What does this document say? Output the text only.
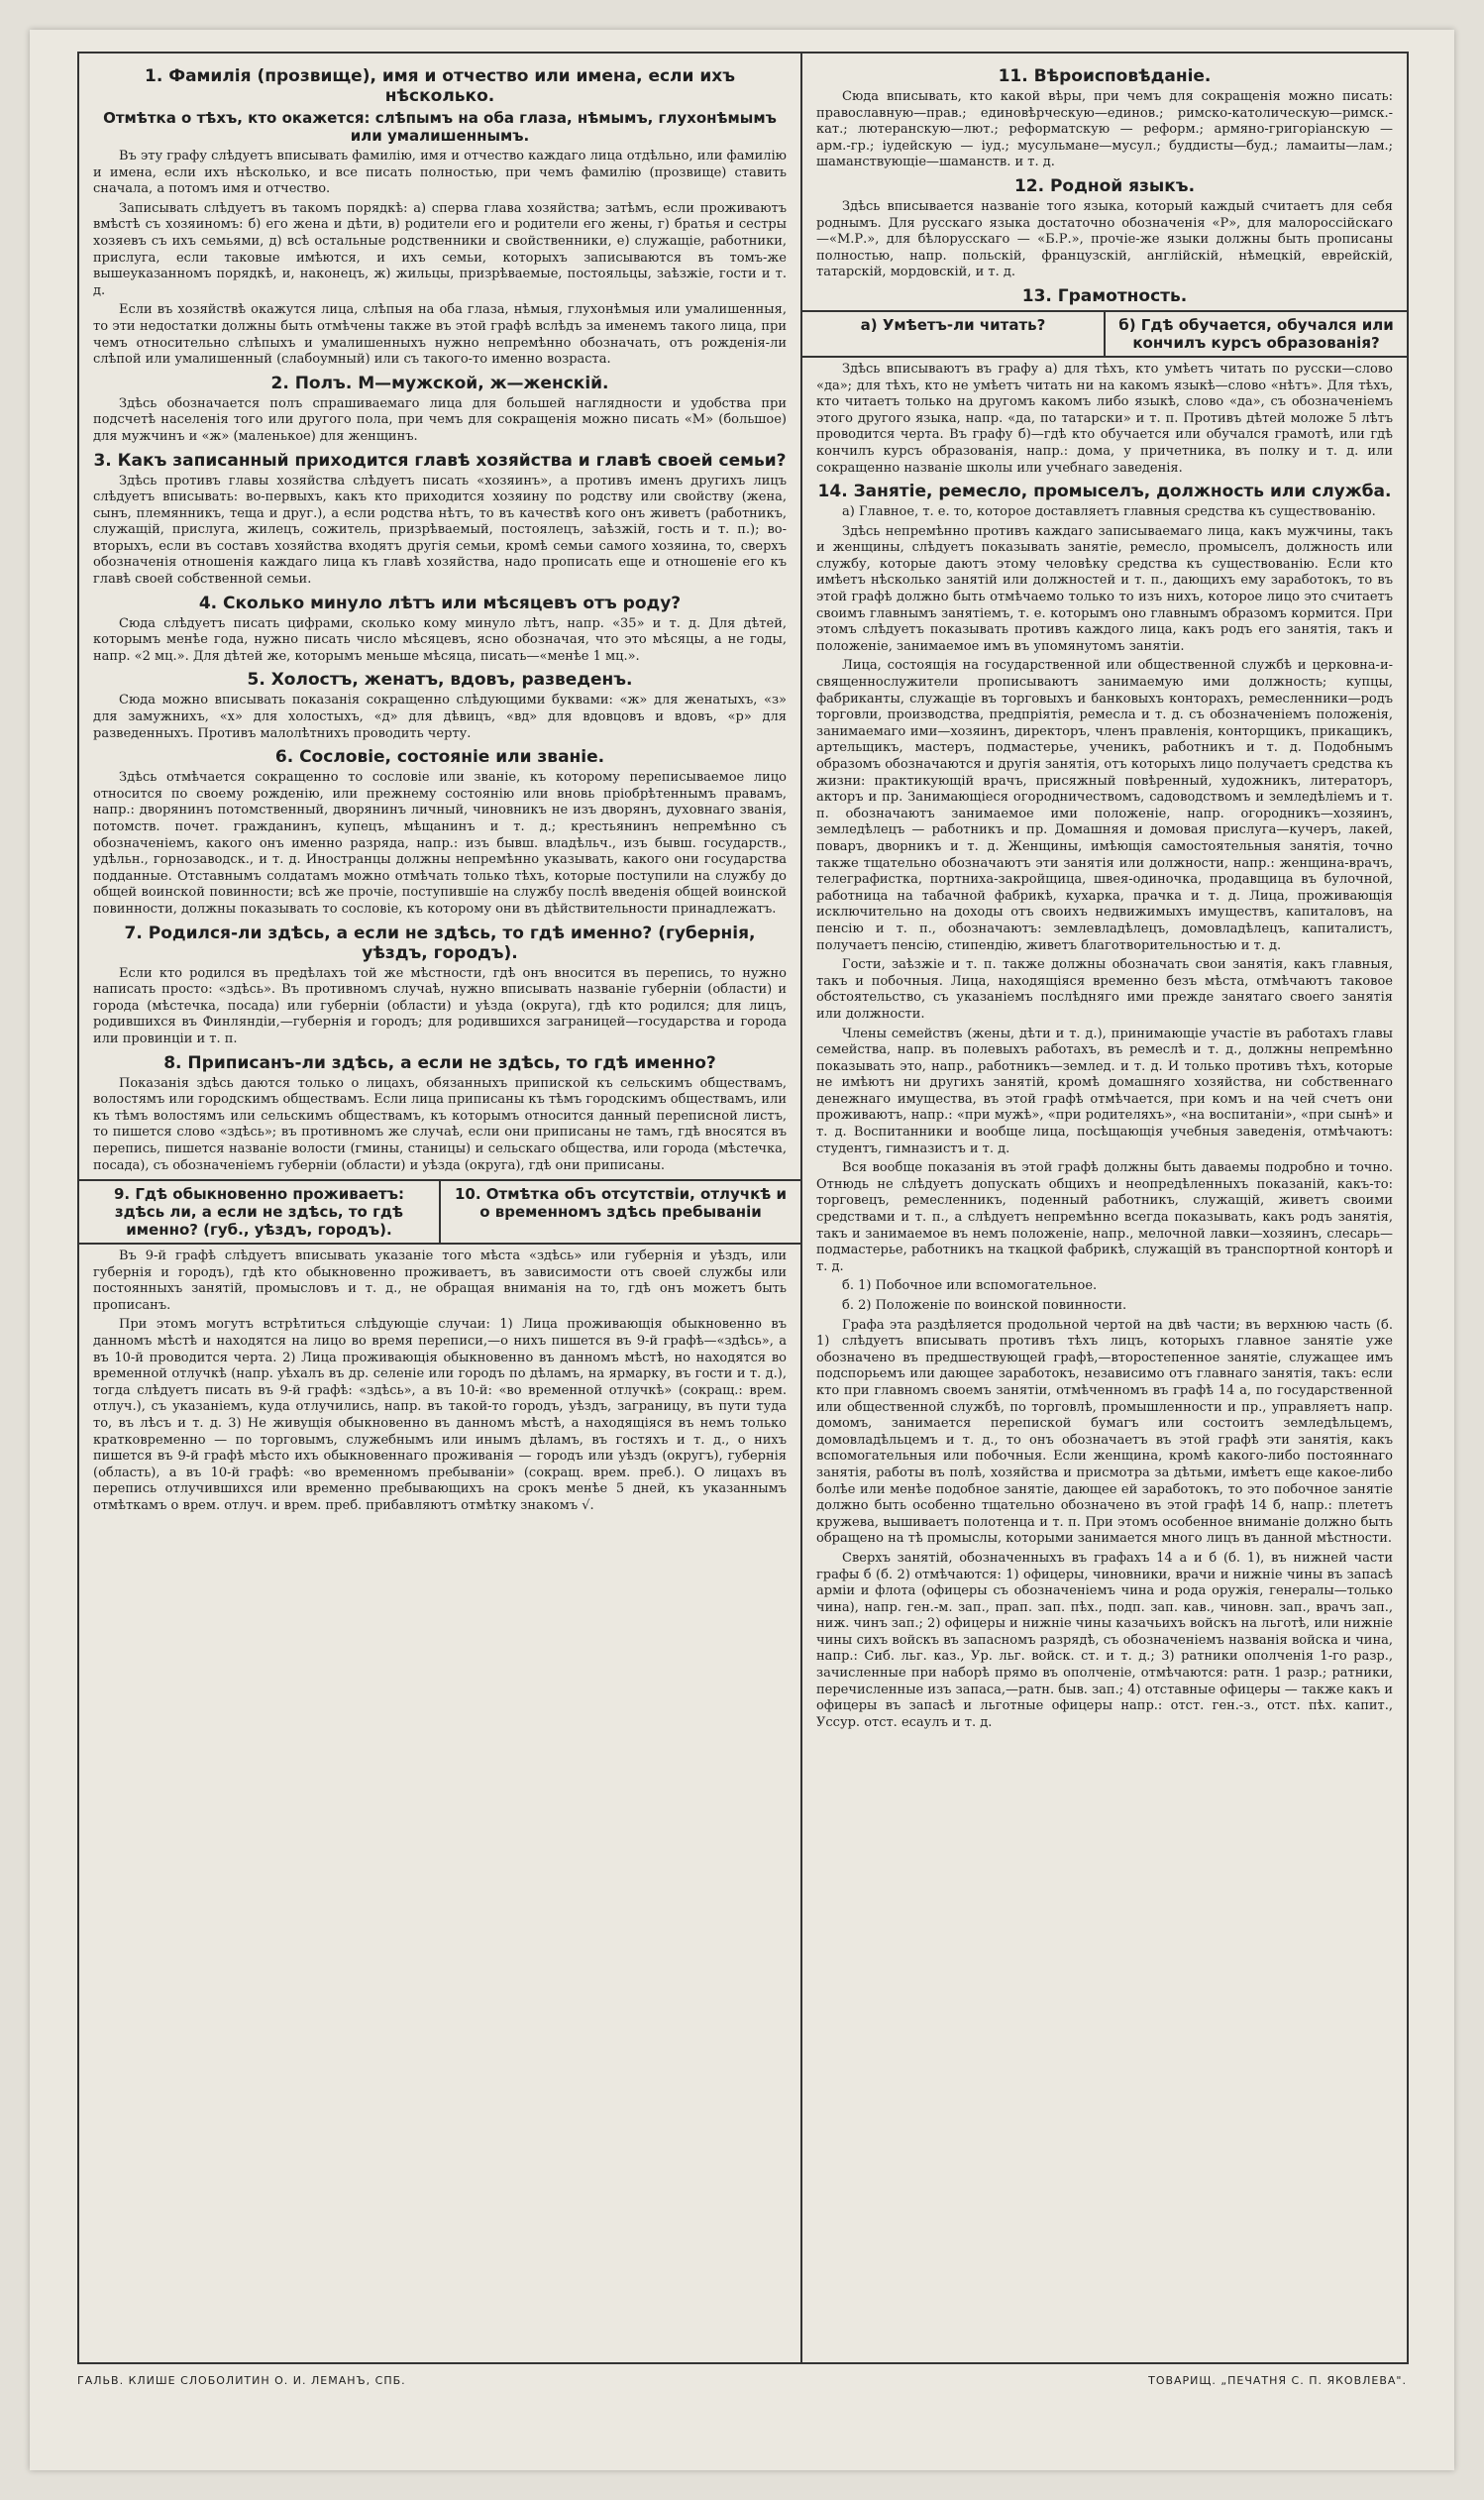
1. Фамилія (прозвище), имя и отчество или имена, если ихъ нѣсколько.
Отмѣтка о тѣхъ, кто окажется: слѣпымъ на оба глаза, нѣмымъ, глухонѣмымъ или умалишеннымъ.

Въ эту графу слѣдуетъ вписывать фамилію, имя и отчество каждаго лица отдѣльно, или фамилію и имена, если ихъ нѣсколько, и все писать полностью, при чемъ фамилію (прозвище) ставить сначала, а потомъ имя и отчество.

Записывать слѣдуетъ въ такомъ порядкѣ: а) сперва глава хозяйства; затѣмъ, если проживаютъ вмѣстѣ съ хозяиномъ: б) его жена и дѣти, в) родители его и родители его жены, г) братья и сестры хозяевъ съ ихъ семьями, д) всѣ остальные родственники и свойственники, е) служащіе, работники, прислуга, если таковые имѣются, и ихъ семьи, которыхъ записываются въ томъ-же вышеуказанномъ порядкѣ, и, наконецъ, ж) жильцы, призрѣваемые, постояльцы, заѣзжіе, гости и т. д.

Если въ хозяйствѣ окажутся лица, слѣпыя на оба глаза, нѣмыя, глухонѣмыя или умалишенныя, то эти недостатки должны быть отмѣчены также въ этой графѣ вслѣдъ за именемъ такого лица, при чемъ относительно слѣпыхъ и умалишенныхъ нужно непремѣнно обозначать, отъ рожденія-ли слѣпой или умалишенный (слабоумный) или съ такого-то именно возраста.

2. Полъ. М—мужской, ж—женскій.

Здѣсь обозначается полъ спрашиваемаго лица для большей наглядности и удобства при подсчетѣ населенія того или другого пола, при чемъ для сокращенія можно писать «М» (большое) для мужчинъ и «ж» (маленькое) для женщинъ.

3. Какъ записанный приходится главѣ хозяйства и главѣ своей семьи?

Здѣсь противъ главы хозяйства слѣдуетъ писать «хозяинъ», а противъ именъ другихъ лицъ слѣдуетъ вписывать: во-первыхъ, какъ кто приходится хозяину по родству или свойству (жена, сынъ, племянникъ, теща и друг.), а если родства нѣтъ, то въ качествѣ кого онъ живетъ (работникъ, служащій, прислуга, жилецъ, сожитель, призрѣваемый, постоялецъ, заѣзжій, гость и т. п.); во-вторыхъ, если въ составъ хозяйства входятъ другія семьи, кромѣ семьи самого хозяина, то, сверхъ обозначенія отношенія каждаго лица къ главѣ хозяйства, надо прописать еще и отношеніе его къ главѣ своей собственной семьи.

4. Сколько минуло лѣтъ или мѣсяцевъ отъ роду?

Сюда слѣдуетъ писать цифрами, сколько кому минуло лѣтъ, напр. «35» и т. д. Для дѣтей, которымъ менѣе года, нужно писать число мѣсяцевъ, ясно обозначая, что это мѣсяцы, а не годы, напр. «2 мц.». Для дѣтей же, которымъ меньше мѣсяца, писать—«менѣе 1 мц.».

5. Холостъ, женатъ, вдовъ, разведенъ.

Сюда можно вписывать показанія сокращенно слѣдующими буквами: «ж» для женатыхъ, «з» для замужнихъ, «х» для холостыхъ, «д» для дѣвицъ, «вд» для вдовцовъ и вдовъ, «р» для разведенныхъ. Противъ малолѣтнихъ проводить черту.

6. Сословіе, состояніе или званіе.

Здѣсь отмѣчается сокращенно то сословіе или званіе, къ которому переписываемое лицо относится по своему рожденію, или прежнему состоянію или вновь пріобрѣтеннымъ правамъ, напр.: дворянинъ потомственный, дворянинъ личный, чиновникъ не изъ дворянъ, духовнаго званія, потомств. почет. гражданинъ, купецъ, мѣщанинъ и т. д.; крестьянинъ непремѣнно съ обозначеніемъ, какого онъ именно разряда, напр.: изъ бывш. владѣльч., изъ бывш. государств., удѣльн., горнозаводск., и т. д. Иностранцы должны непремѣнно указывать, какого они государства подданные. Отставнымъ солдатамъ можно отмѣчать только тѣхъ, которые поступили на службу до общей воинской повинности; всѣ же прочіе, поступившіе на службу послѣ введенія общей воинской повинности, должны показывать то сословіе, къ которому они въ дѣйствительности принадлежатъ.

7. Родился-ли здѣсь, а если не здѣсь, то гдѣ именно? (губернія, уѣздъ, городъ).

Если кто родился въ предѣлахъ той же мѣстности, гдѣ онъ вносится въ перепись, то нужно написать просто: «здѣсь». Въ противномъ случаѣ, нужно вписывать названіе губерніи (области) и города (мѣстечка, посада) или губерніи (области) и уѣзда (округа), гдѣ кто родился; для лицъ, родившихся въ Финляндіи,—губернія и городъ; для родившихся заграницей—государства и города или провинціи и т. п.

8. Приписанъ-ли здѣсь, а если не здѣсь, то гдѣ именно?

Показанія здѣсь даются только о лицахъ, обязанныхъ припиской къ сельскимъ обществамъ, волостямъ или городскимъ обществамъ. Если лица приписаны къ тѣмъ городскимъ обществамъ, или къ тѣмъ волостямъ или сельскимъ обществамъ, къ которымъ относится данный переписной листъ, то пишется слово «здѣсь»; въ противномъ же случаѣ, если они приписаны не тамъ, гдѣ вносятся въ перепись, пишется названіе волости (гмины, станицы) и сельскаго общества, или города (мѣстечка, посада), съ обозначеніемъ губерніи (области) и уѣзда (округа), гдѣ они приписаны.

9. Гдѣ обыкновенно проживаетъ: здѣсь ли, а если не здѣсь, то гдѣ именно? (губ., уѣздъ, городъ).
10. Отмѣтка объ отсутствіи, отлучкѣ и о временномъ здѣсь пребываніи

Въ 9-й графѣ слѣдуетъ вписывать указаніе того мѣста «здѣсь» или губернія и уѣздъ, или губернія и городъ), гдѣ кто обыкновенно проживаетъ, въ зависимости отъ своей службы или постоянныхъ занятій, промысловъ и т. д., не обращая вниманія на то, гдѣ онъ можетъ быть прописанъ.

При этомъ могутъ встрѣтиться слѣдующіе случаи: 1) Лица проживающія обыкновенно въ данномъ мѣстѣ и находятся на лицо во время переписи,—о нихъ пишется въ 9-й графѣ—«здѣсь», а въ 10-й проводится черта. 2) Лица проживающія обыкновенно въ данномъ мѣстѣ, но находятся во временной отлучкѣ (напр. уѣхалъ въ др. селеніе или городъ по дѣламъ, на ярмарку, въ гости и т. д.), тогда слѣдуетъ писать въ 9-й графѣ: «здѣсь», а въ 10-й: «во временной отлучкѣ» (сокращ.: врем. отлуч.), съ указаніемъ, куда отлучились, напр. въ такой-то городъ, уѣздъ, заграницу, въ пути туда то, въ лѣсъ и т. д. 3) Не живущія обыкновенно въ данномъ мѣстѣ, а находящіяся въ немъ только кратковременно — по торговымъ, служебнымъ или инымъ дѣламъ, въ гостяхъ и т. д., о нихъ пишется въ 9-й графѣ мѣсто ихъ обыкновеннаго проживанія — городъ или уѣздъ (округъ), губернія (область), а въ 10-й графѣ: «во временномъ пребываніи» (сокращ. врем. преб.). О лицахъ въ перепись отлучившихся или временно пребывающихъ на срокъ менѣе 5 дней, къ указаннымъ отмѣткамъ о врем. отлуч. и врем. преб. прибавляютъ отмѣтку знакомъ √.

11. Вѣроисповѣданіе.

Сюда вписывать, кто какой вѣры, при чемъ для сокращенія можно писать: православную—прав.; единовѣрческую—единов.; римско-католическую—римск.-кат.; лютеранскую—лют.; реформатскую — реформ.; армяно-григоріанскую — арм.-гр.; іудейскую — іуд.; мусульмане—мусул.; буддисты—буд.; ламаиты—лам.; шаманствующіе—шаманств. и т. д.

12. Родной языкъ.

Здѣсь вписывается названіе того языка, который каждый считаетъ для себя роднымъ. Для русскаго языка достаточно обозначенія «Р», для малороссійскаго—«М.Р.», для бѣлорусскаго — «Б.Р.», прочіе-же языки должны быть прописаны полностью, напр. польскій, французскій, англійскій, нѣмецкій, еврейскій, татарскій, мордовскій, и т. д.

13. Грамотность.
а) Умѣетъ-ли читать?	б) Гдѣ обучается, обучался или кончилъ курсъ образованія?

Здѣсь вписываютъ въ графу а) для тѣхъ, кто умѣетъ читать по русски—слово «да»; для тѣхъ, кто не умѣетъ читать ни на какомъ языкѣ—слово «нѣтъ». Для тѣхъ, кто читаетъ только на другомъ какомъ либо языкѣ, слово «да», съ обозначеніемъ этого другого языка, напр. «да, по татарски» и т. п. Противъ дѣтей моложе 5 лѣтъ проводится черта. Въ графу б)—гдѣ кто обучается или обучался грамотѣ, или гдѣ кончилъ курсъ образованія, напр.: дома, у причетника, въ полку и т. д. или сокращенно названіе школы или учебнаго заведенія.

14. Занятіе, ремесло, промыселъ, должность или служба.

а) Главное, т. е. то, которое доставляетъ главныя средства къ существованію.

Здѣсь непремѣнно противъ каждаго записываемаго лица, какъ мужчины, такъ и женщины, слѣдуетъ показывать занятіе, ремесло, промыселъ, должность или службу, которые даютъ этому человѣку средства къ существованію. Если кто имѣетъ нѣсколько занятій или должностей и т. п., дающихъ ему заработокъ, то въ этой графѣ должно быть отмѣчаемо только то изъ нихъ, которое лицо это считаетъ своимъ главнымъ занятіемъ, т. е. которымъ оно главнымъ образомъ кормится. При этомъ слѣдуетъ показывать противъ каждого лица, какъ родъ его занятія, такъ и положеніе, занимаемое имъ въ упомянутомъ занятіи.

Лица, состоящія на государственной или общественной службѣ и церковна-и-священнослужители прописываютъ занимаемую ими должность; купцы, фабриканты, служащіе въ торговыхъ и банковыхъ конторахъ, ремесленники—родъ торговли, производства, предпріятія, ремесла и т. д. съ обозначеніемъ положенія, занимаемаго ими—хозяинъ, директоръ, членъ правленія, конторщикъ, прикащикъ, артельщикъ, мастеръ, подмастерье, ученикъ, работникъ и т. д. Подобнымъ образомъ обозначаются и другія занятія, отъ которыхъ лицо получаетъ средства къ жизни: практикующій врачъ, присяжный повѣренный, художникъ, литераторъ, акторъ и пр. Занимающіеся огородничествомъ, садоводствомъ и земледѣліемъ и т. п. обозначаютъ занимаемое ими положеніе, напр. огородникъ—хозяинъ, земледѣлецъ — работникъ и пр. Домашняя и домовая прислуга—кучеръ, лакей, поваръ, дворникъ и т. д. Женщины, имѣющія самостоятельныя занятія, точно также тщательно обозначаютъ эти занятія или должности, напр.: женщина-врачъ, телеграфистка, портниха-закройщица, швея-одиночка, продавщица въ булочной, работница на табачной фабрикѣ, кухарка, прачка и т. д. Лица, проживающія исключительно на доходы отъ своихъ недвижимыхъ имуществъ, капиталовъ, на пенсію и т. п., обозначаютъ: землевладѣлецъ, домовладѣлецъ, капиталистъ, получаетъ пенсію, стипендію, живетъ благотворительностью и т. д.

Гости, заѣзжіе и т. п. также должны обозначать свои занятія, какъ главныя, такъ и побочныя. Лица, находящіяся временно безъ мѣста, отмѣчаютъ таковое обстоятельство, съ указаніемъ послѣдняго ими прежде занятаго своего занятія или должности.

Члены семействъ (жены, дѣти и т. д.), принимающіе участіе въ работахъ главы семейства, напр. въ полевыхъ работахъ, въ ремеслѣ и т. д., должны непремѣнно показывать это, напр., работникъ—землед. и т. д. И только противъ тѣхъ, которые не имѣютъ ни другихъ занятій, кромѣ домашняго хозяйства, ни собственнаго денежнаго имущества, въ этой графѣ отмѣчается, при комъ и на чей счетъ они проживаютъ, напр.: «при мужѣ», «при родителяхъ», «на воспитаніи», «при сынѣ» и т. д. Воспитанники и вообще лица, посѣщающія учебныя заведенія, отмѣчаютъ: студентъ, гимназистъ и т. д.

Вся вообще показанія въ этой графѣ должны быть даваемы подробно и точно. Отнюдь не слѣдуетъ допускать общихъ и неопредѣленныхъ показаній, какъ-то: торговецъ, ремесленникъ, поденный работникъ, служащій, живетъ своими средствами и т. п., а слѣдуетъ непремѣнно всегда показывать, какъ родъ занятія, такъ и занимаемое въ немъ положеніе, напр., мелочной лавки—хозяинъ, слесарь—подмастерье, работникъ на ткацкой фабрикѣ, служащій въ транспортной конторѣ и т. д.

б. 1) Побочное или вспомогательное.

б. 2) Положеніе по воинской повинности.

Графа эта раздѣляется продольной чертой на двѣ части; въ верхнюю часть (б. 1) слѣдуетъ вписывать противъ тѣхъ лицъ, которыхъ главное занятіе уже обозначено въ предшествующей графѣ,—второстепенное занятіе, служащее имъ подспорьемъ или дающее заработокъ, независимо отъ главнаго занятія, такъ: если кто при главномъ своемъ занятіи, отмѣченномъ въ графѣ 14 а, по государственной или общественной службѣ, по торговлѣ, промышленности и пр., управляетъ напр. домомъ, занимается перепиской бумагъ или состоитъ земледѣльцемъ, домовладѣльцемъ и т. д., то онъ обозначаетъ въ этой графѣ эти занятія, какъ вспомогательныя или побочныя. Если женщина, кромѣ какого-либо постояннаго занятія, работы въ полѣ, хозяйства и присмотра за дѣтьми, имѣетъ еще какое-либо болѣе или менѣе подобное занятіе, дающее ей заработокъ, то это побочное занятіе должно быть особенно тщательно обозначено въ этой графѣ 14 б, напр.: плететъ кружева, вышиваетъ полотенца и т. п. При этомъ особенное вниманіе должно быть обращено на тѣ промыслы, которыми занимается много лицъ въ данной мѣстности.

Сверхъ занятій, обозначенныхъ въ графахъ 14 а и б (б. 1), въ нижней части графы б (б. 2) отмѣчаются: 1) офицеры, чиновники, врачи и нижніе чины въ запасѣ арміи и флота (офицеры съ обозначеніемъ чина и рода оружія, генералы—только чина), напр. ген.-м. зап., прап. зап. пѣх., подп. зап. кав., чиновн. зап., врачъ зап., ниж. чинъ зап.; 2) офицеры и нижніе чины казачьихъ войскъ на льготѣ, или нижніе чины сихъ войскъ въ запасномъ разрядѣ, съ обозначеніемъ названія войска и чина, напр.: Сиб. льг. каз., Ур. льг. войск. ст. и т. д.; 3) ратники ополченія 1-го разр., зачисленные при наборѣ прямо въ ополченіе, отмѣчаются: ратн. 1 разр.; ратники, перечисленные изъ запаса,—ратн. быв. зап.; 4) отставные офицеры — также какъ и офицеры въ запасѣ и льготные офицеры напр.: отст. ген.-з., отст. пѣх. капит., Уссур. отст. есаулъ и т. д.

ГАЛЬВ. КЛИШЕ СЛОБОЛИТИН О. И. ЛЕМАНЪ, СПБ.	ТОВАРИЩ. „ПЕЧАТНЯ С. П. ЯКОВЛЕВА".
